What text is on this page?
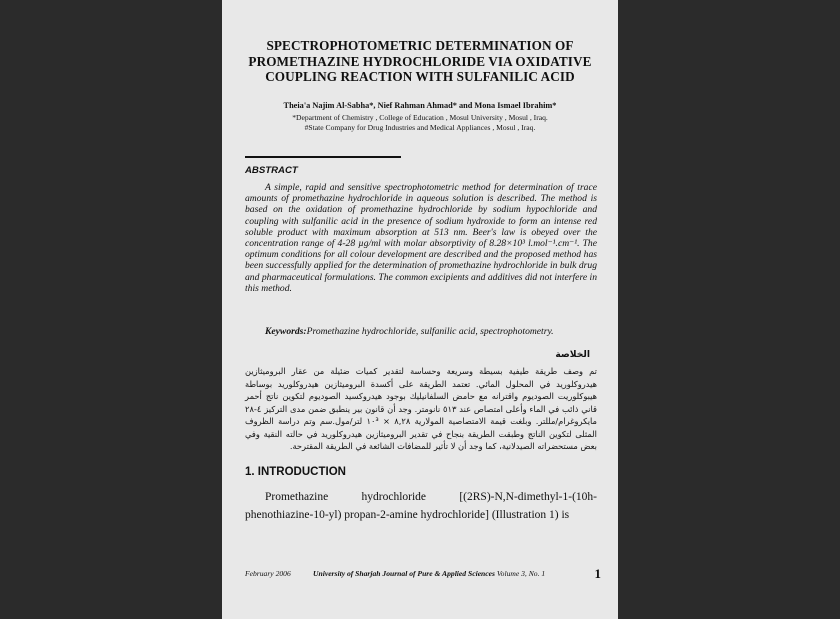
SPECTROPHOTOMETRIC DETERMINATION OF
PROMETHAZINE HYDROCHLORIDE VIA OXIDATIVE
COUPLING REACTION WITH SULFANILIC ACID
Theia'a Najim Al-Sabha*, Nief Rahman Ahmad* and Mona Ismael Ibrahim*
*Department of Chemistry , College of Education , Mosul University , Mosul , Iraq.
#State Company for Drug Industries and Medical Appliances , Mosul , Iraq.
ABSTRACT
A simple, rapid and sensitive spectrophotometric method for determination of trace amounts of promethazine hydrochloride in aqueous solution is described. The method is based on the oxidation of promethazine hydrochloride by sodium hypochloride and coupling with sulfanilic acid in the presence of sodium hydroxide to form an intense red soluble product with maximum absorption at 513 nm. Beer's law is obeyed over the concentration range of 4-28 µg/ml with molar absorptivity of 8.28×10³ l.mol⁻¹.cm⁻¹. The optimum conditions for all colour development are described and the proposed method has been successfully applied for the determination of promethazine hydrochloride in bulk drug and pharmaceutical formulations. The common excipients and additives did not interfere in this method.
Keywords:Promethazine hydrochloride, sulfanilic acid, spectrophotometry.
الخلاصة
تم وصف طريقة طيفية بسيطة وسريعة وحساسة لتقدير كميات ضئيلة من عقار البروميثازين هيدروكلوريد في المحلول المائي. تعتمد الطريقة على أكسدة البروميثازين هيدروكلوريد بوساطة هيبوكلوريت الصوديوم واقترانه مع حامض السلفانيليك بوجود هيدروكسيد الصوديوم لتكوين ناتج أحمر قاني ذائب في الماء وأعلى امتصاص عند ٥١٣ نانومتر. وجد أن قانون بير ينطبق ضمن مدى التركيز ٤-٢٨ مايكروغرام/مللتر. وبلغت قيمة الامتصاصية المولارية ٨,٢٨ × ١٠³ لتر/مول.سم وتم دراسة الظروف المثلى لتكوين الناتج وطبقت الطريقة بنجاح في تقدير البروميثازين هيدروكلوريد في حالته النقية وفي بعض مستحضراته الصيدلانية، كما وجد أن لا تأثير للمضافات الشائعة في الطريقة المقترحة.
1. INTRODUCTION
Promethazine hydrochloride [(2RS)-N,N-dimethyl-1-(10h-phenothiazine-10-yl) propan-2-amine hydrochloride] (Illustration 1) is
February 2006	University of Sharjah Journal of Pure & Applied Sciences Volume 3, No. 1	1
